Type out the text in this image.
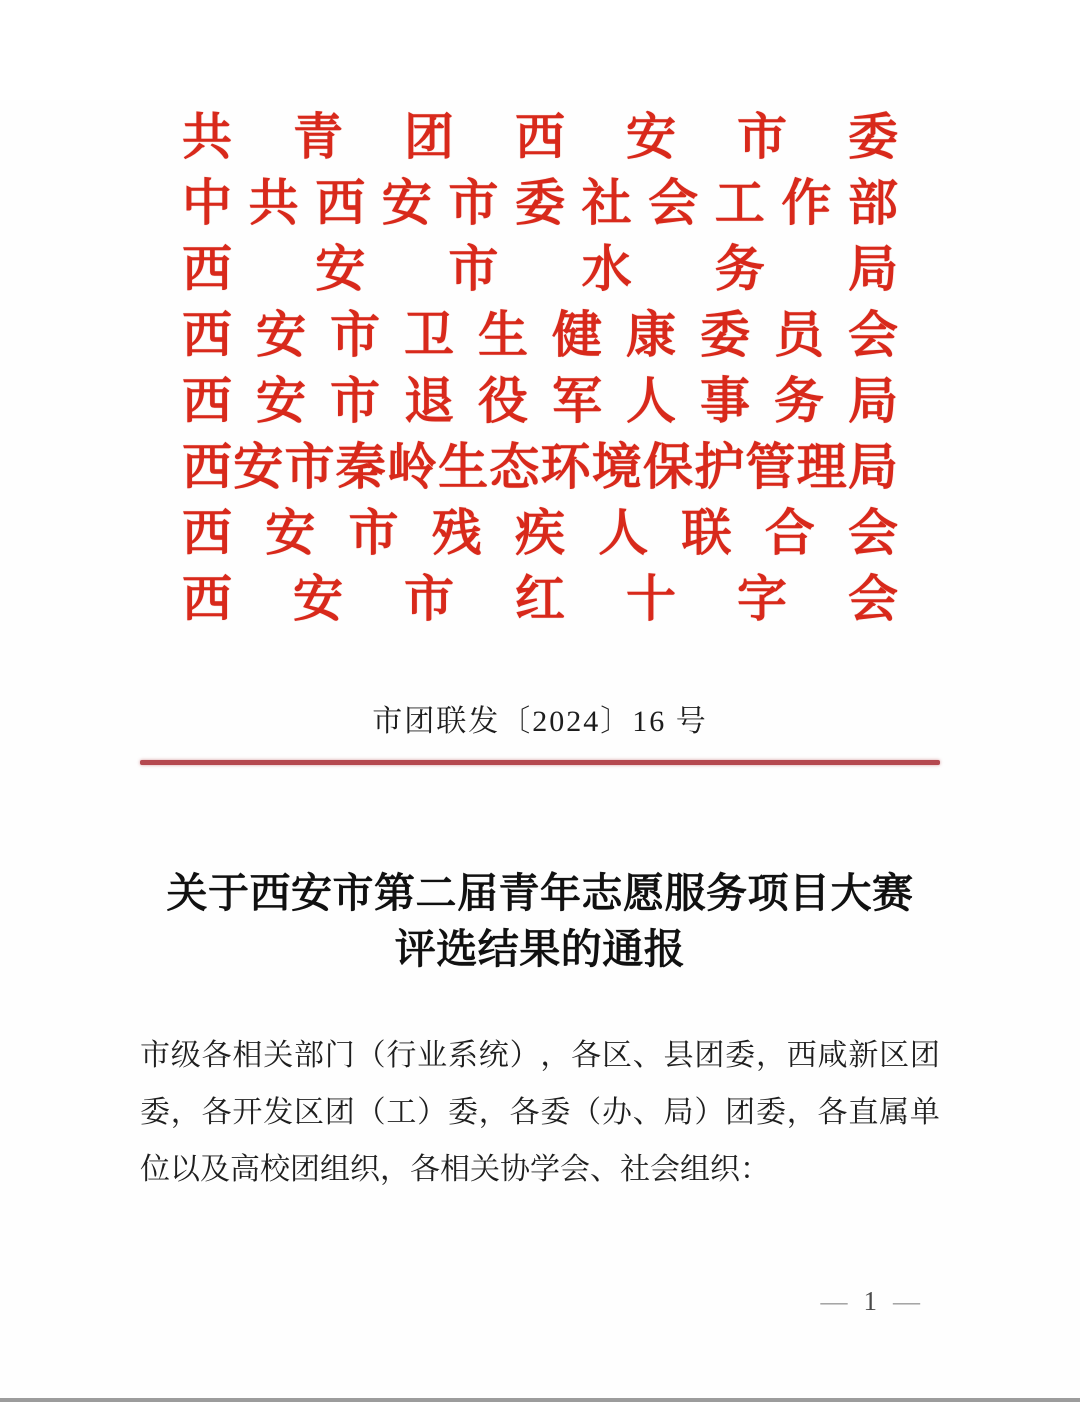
共 青 团 西 安 市 委
中 共 西 安 市 委 社 会 工 作 部
西 安 市 水 务 局
西 安 市 卫 生 健 康 委 员 会
西 安 市 退 役 军 人 事 务 局
西 安 市 秦 岭 生 态 环 境 保 护 管 理 局
西 安 市 残 疾 人 联 合 会
西 安 市 红 十 字 会
市团联发〔2024〕16 号
关于西安市第二届青年志愿服务项目大赛
评选结果的通报
市 级 各 相 关 部 门 （ 行 业 系 统 ） ， 各 区 、 县 团 委 ， 西 咸 新 区 团
委 ， 各 开 发 区 团 （ 工 ） 委 ， 各 委 （ 办 、 局 ） 团 委 ， 各 直 属 单
位 以 及 高 校 团 组 织 ， 各 相 关 协 学 会 、 社 会 组 织 ：
— 1 —
